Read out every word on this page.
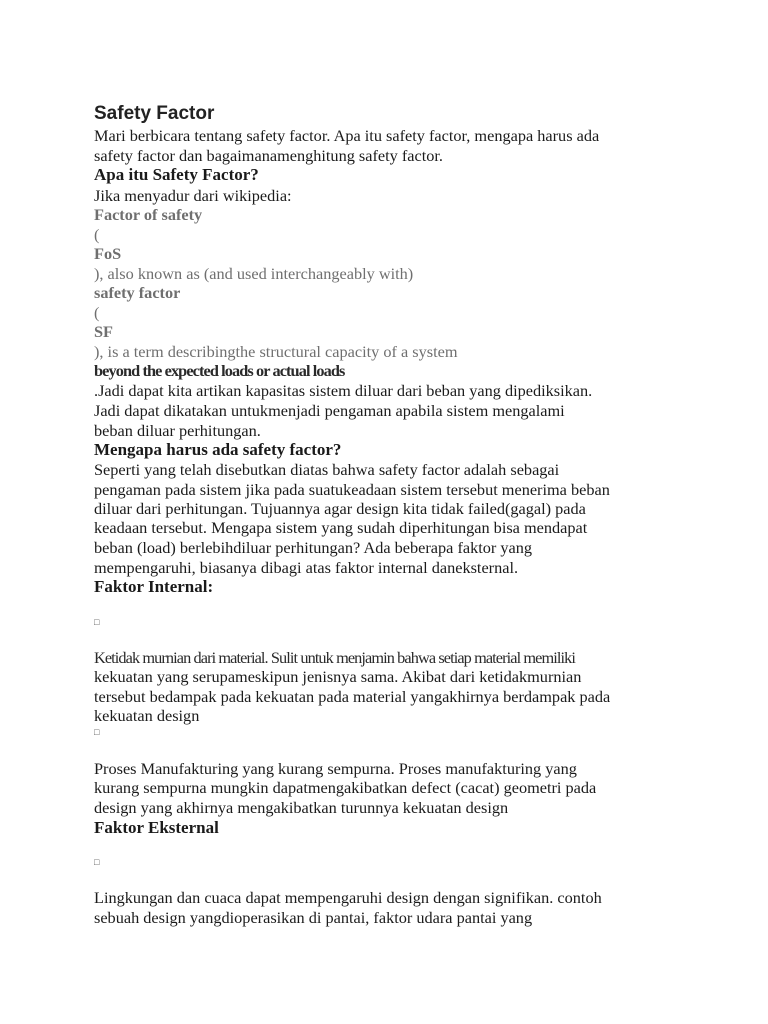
Safety Factor
Mari berbicara tentang safety factor. Apa itu safety factor, mengapa harus ada
safety factor dan bagaimanamenghitung safety factor.
Apa itu Safety Factor?
Jika menyadur dari wikipedia:
Factor of safety
(
FoS
), also known as (and used interchangeably with)
safety factor
(
SF
), is a term describingthe structural capacity of a system
beyond the expected loads or actual loads
.Jadi dapat kita artikan kapasitas sistem diluar dari beban yang dipediksikan.
Jadi dapat dikatakan untukmenjadi pengaman apabila sistem mengalami
beban diluar perhitungan.
Mengapa harus ada safety factor?
Seperti yang telah disebutkan diatas bahwa safety factor adalah sebagai
pengaman pada sistem jika pada suatukeadaan sistem tersebut menerima beban
diluar dari perhitungan. Tujuannya agar design kita tidak failed(gagal) pada
keadaan tersebut. Mengapa sistem yang sudah diperhitungan bisa mendapat
beban (load) berlebihdiluar perhitungan? Ada beberapa faktor yang
mempengaruhi, biasanya dibagi atas faktor internal daneksternal.
Faktor Internal:
□
Ketidak murnian dari material. Sulit untuk menjamin bahwa setiap material memiliki
kekuatan yang serupameskipun jenisnya sama. Akibat dari ketidakmurnian
tersebut bedampak pada kekuatan pada material yangakhirnya berdampak pada
kekuatan design
□
Proses Manufakturing yang kurang sempurna. Proses manufakturing yang
kurang sempurna mungkin dapatmengakibatkan defect (cacat) geometri pada
design yang akhirnya mengakibatkan turunnya kekuatan design
Faktor Eksternal
□
Lingkungan dan cuaca dapat mempengaruhi design dengan signifikan. contoh
sebuah design yangdioperasikan di pantai, faktor udara pantai yang
